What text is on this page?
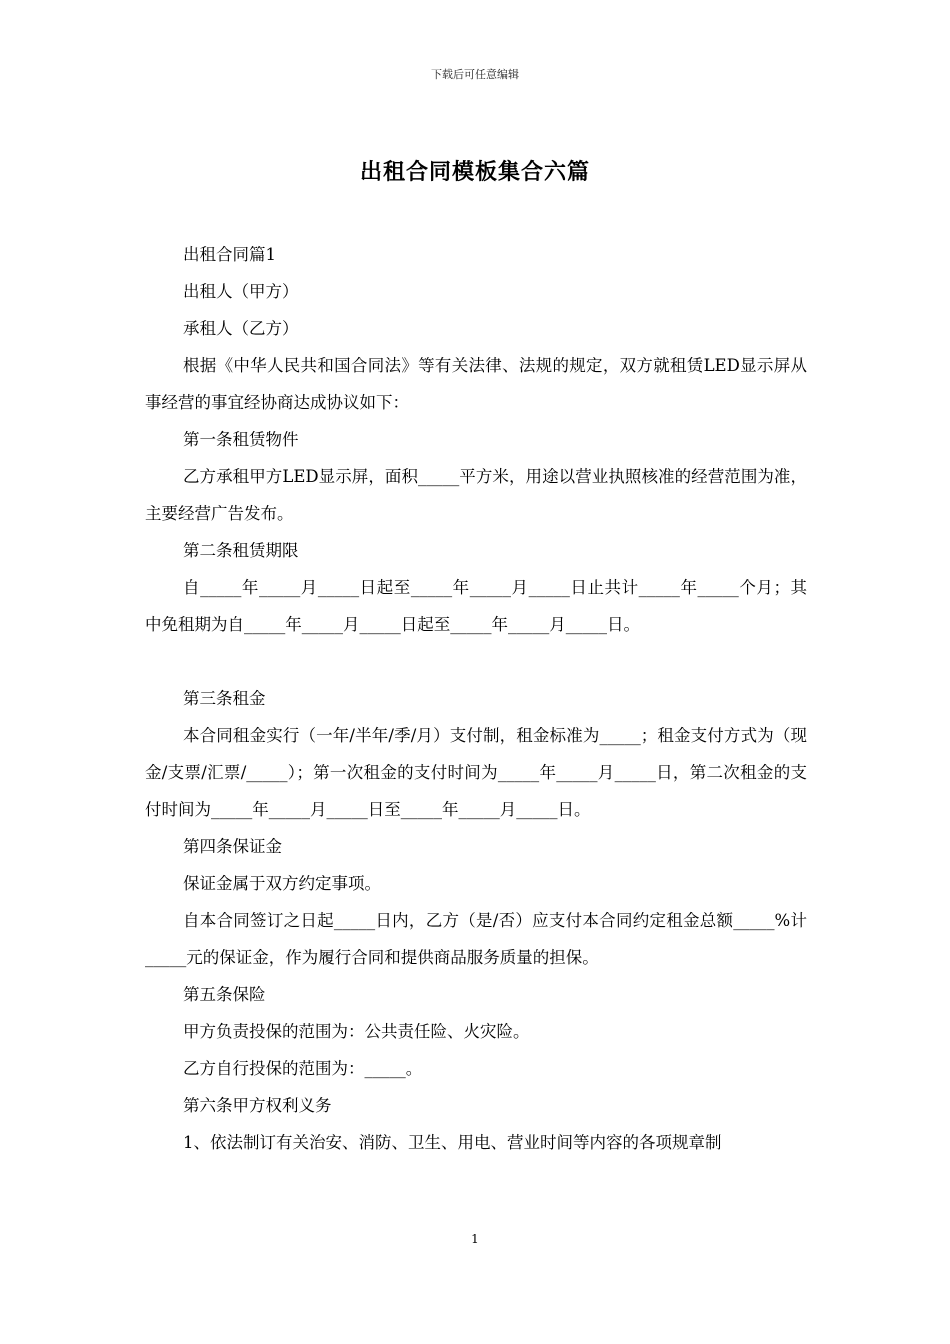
下载后可任意编辑
出租合同模板集合六篇

出租合同篇1

出租人（甲方）

承租人（乙方）

根据《中华人民共和国合同法》等有关法律、法规的规定，双方就租赁LED显示屏从事经营的事宜经协商达成协议如下：

第一条租赁物件

乙方承租甲方LED显示屏，面积_____平方米，用途以营业执照核准的经营范围为准，主要经营广告发布。

第二条租赁期限

自_____年_____月_____日起至_____年_____月_____日止共计_____年_____个月；其中免租期为自_____年_____月_____日起至_____年_____月_____日。

第三条租金

本合同租金实行（一年/半年/季/月）支付制，租金标准为_____；租金支付方式为（现金/支票/汇票/_____）；第一次租金的支付时间为_____年_____月_____日，第二次租金的支付时间为_____年_____月_____日至_____年_____月_____日。

第四条保证金

保证金属于双方约定事项。

自本合同签订之日起_____日内，乙方（是/否）应支付本合同约定租金总额_____%计_____元的保证金，作为履行合同和提供商品服务质量的担保。

第五条保险

甲方负责投保的范围为：公共责任险、火灾险。

乙方自行投保的范围为：_____。

第六条甲方权利义务

1、依法制订有关治安、消防、卫生、用电、营业时间等内容的各项规章制

1
